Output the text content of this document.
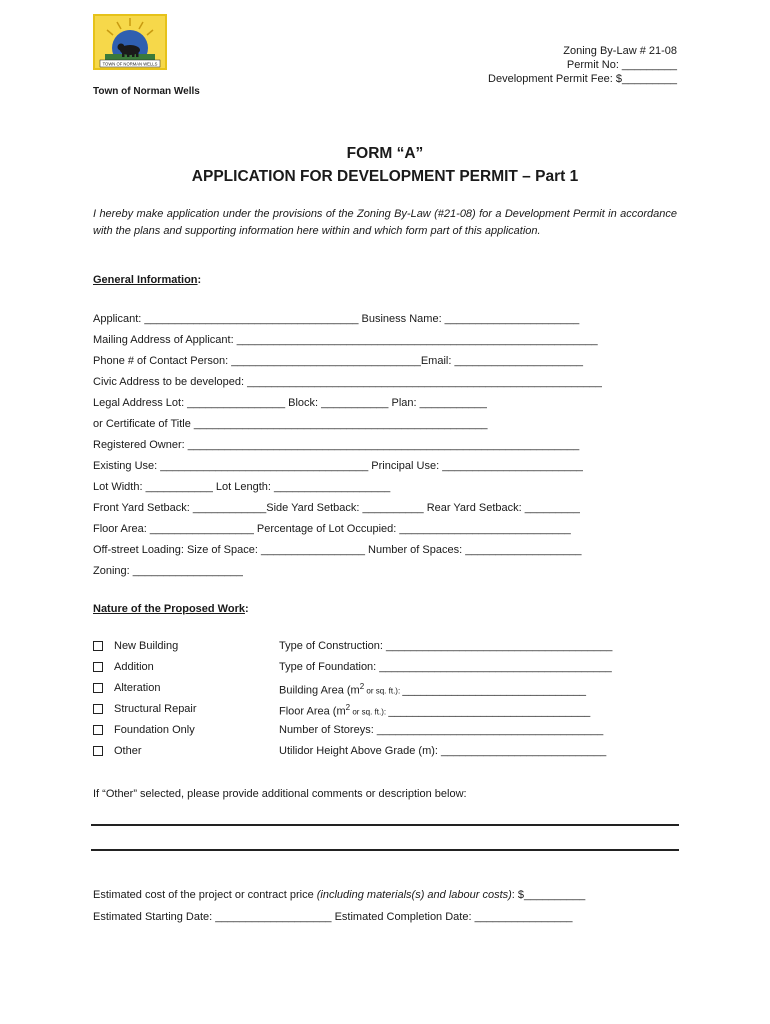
TOWN OF NORMAN WELLS
Town of Norman Wells
Zoning By-Law # 21-08
Permit No: _________
Development Permit Fee: $_________
FORM “A”
APPLICATION FOR DEVELOPMENT PERMIT – Part 1
I hereby make application under the provisions of the Zoning By-Law (#21-08) for a Development Permit in accordance with the plans and supporting information here within and which form part of this application.
General Information:
Applicant: ___________________________________ Business Name: ______________________
Mailing Address of Applicant: ___________________________________________________________
Phone # of Contact Person: _______________________________Email: _____________________
Civic Address to be developed: __________________________________________________________
Legal Address Lot: ________________ Block: ___________ Plan: ___________
or Certificate of Title ________________________________________________
Registered Owner: ________________________________________________________________
Existing Use: __________________________________ Principal Use: _______________________
Lot Width: ___________ Lot Length: ___________________
Front Yard Setback: ____________Side Yard Setback: __________ Rear Yard Setback: _________
Floor Area: _________________ Percentage of Lot Occupied: ____________________________
Off-street Loading: Size of Space: _________________ Number of Spaces: ___________________
Zoning: __________________
Nature of the Proposed Work:
New Building
Addition
Alteration
Structural Repair
Foundation Only
Other
Type of Construction: _____________________________________
Type of Foundation: ______________________________________
Building Area ($m^2$ or sq. ft.): ______________________________
Floor Area ($m^2$ or sq. ft.): _________________________________
Number of Storeys: _____________________________________
Utilidor Height Above Grade (m): ___________________________
If “Other” selected, please provide additional comments or description below:
Estimated cost of the project or contract price (including materials(s) and labour costs): $__________
Estimated Starting Date: ___________________ Estimated Completion Date: ________________
